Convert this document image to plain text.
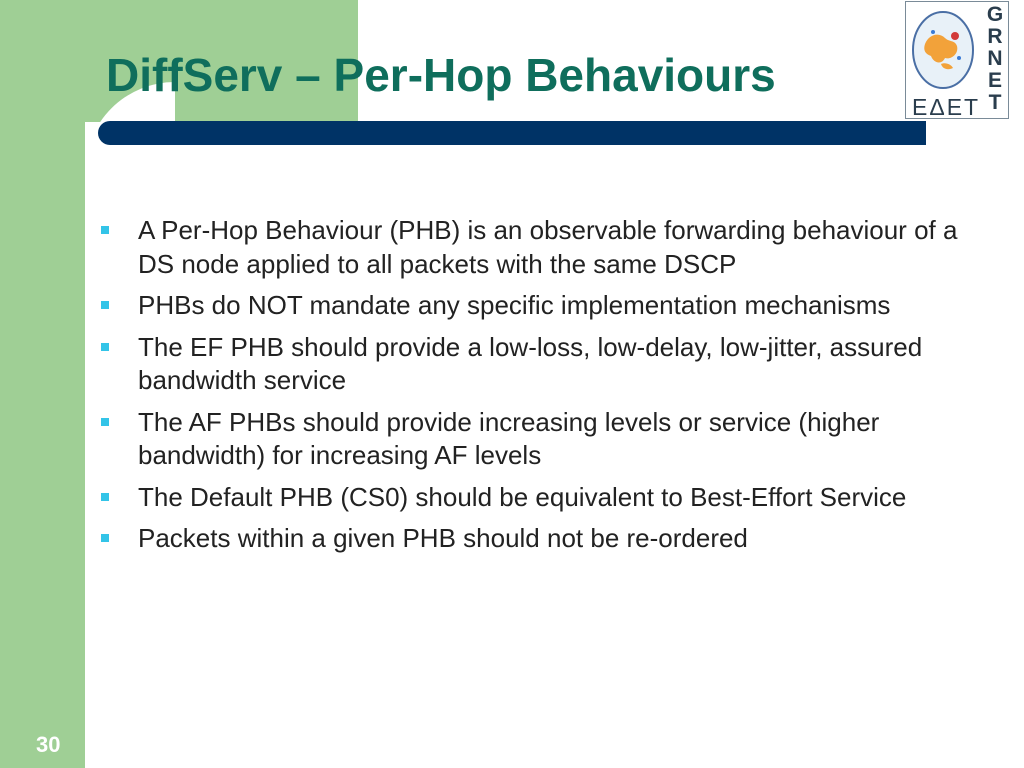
DiffServ – Per-Hop Behaviours
G
R
N
E
T
ΕΔΕΤ
A Per-Hop Behaviour (PHB) is an observable forwarding behaviour of a DS node applied to all packets with the same DSCP
PHBs do NOT mandate any specific implementation mechanisms
The EF PHB should provide a low-loss, low-delay, low-jitter, assured bandwidth service
The AF PHBs should provide increasing levels or service (higher bandwidth) for increasing AF levels
The Default PHB (CS0) should be equivalent to Best-Effort Service
Packets within a given PHB should not be re-ordered
30
